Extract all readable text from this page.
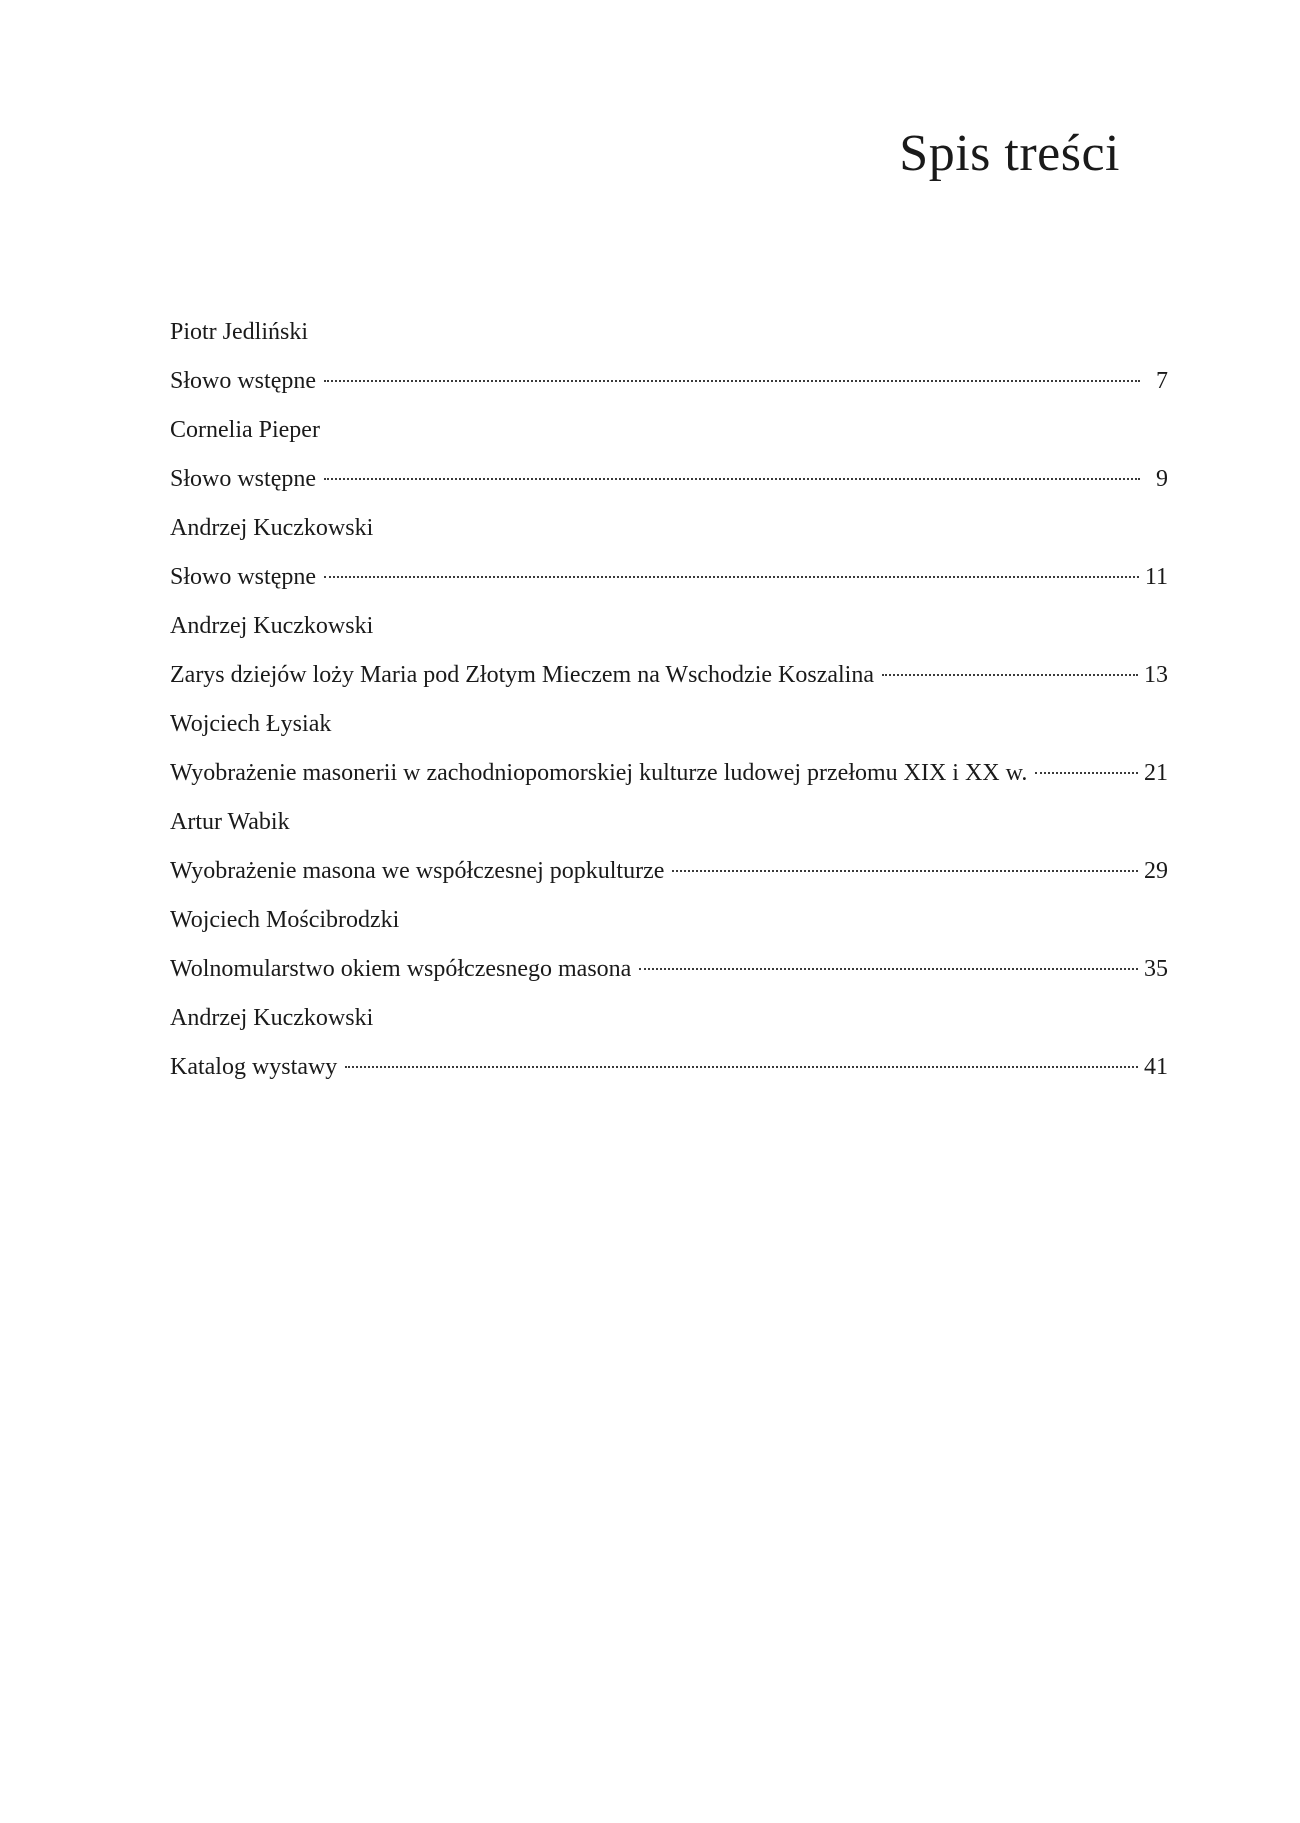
Spis treści
Piotr Jedliński
Słowo wstępne	7
Cornelia Pieper
Słowo wstępne	9
Andrzej Kuczkowski
Słowo wstępne	11
Andrzej Kuczkowski
Zarys dziejów loży Maria pod Złotym Mieczem na Wschodzie Koszalina	13
Wojciech Łysiak
Wyobrażenie masonerii w zachodniopomorskiej kulturze ludowej przełomu XIX i XX w.	21
Artur Wabik
Wyobrażenie masona we współczesnej popkulturze	29
Wojciech Mościbrodzki
Wolnomularstwo okiem współczesnego masona	35
Andrzej Kuczkowski
Katalog wystawy	41
